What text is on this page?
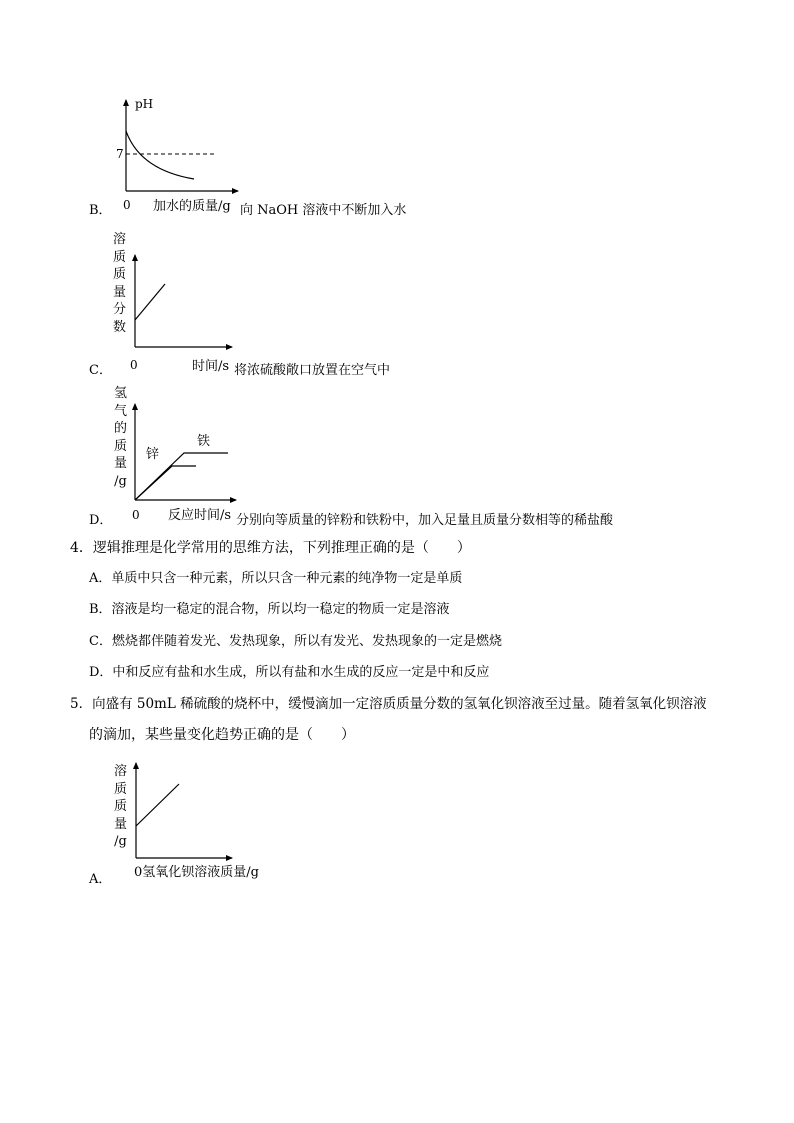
pH
7
0 加水的质量/g
B．	向 NaOH 溶液中不断加入水
溶
质
质
量
分
数
0	时间/s
C．	将浓硫酸敞口放置在空气中
氢
气
的
质
量
/g
锌
铁
0 反应时间/s
D．	分别向等质量的锌粉和铁粉中，加入足量且质量分数相等的稀盐酸
4．逻辑推理是化学常用的思维方法，下列推理正确的是（　　）
A．单质中只含一种元素，所以只含一种元素的纯净物一定是单质
B．溶液是均一稳定的混合物，所以均一稳定的物质一定是溶液
C．燃烧都伴随着发光、发热现象，所以有发光、发热现象的一定是燃烧
D．中和反应有盐和水生成，所以有盐和水生成的反应一定是中和反应
5．向盛有 50mL 稀硫酸的烧杯中，缓慢滴加一定溶质质量分数的氢氧化钡溶液至过量。随着氢氧化钡溶液
的滴加，某些量变化趋势正确的是（　　）
溶
质
质
量
/g
0氢氧化钡溶液质量/g
A．
